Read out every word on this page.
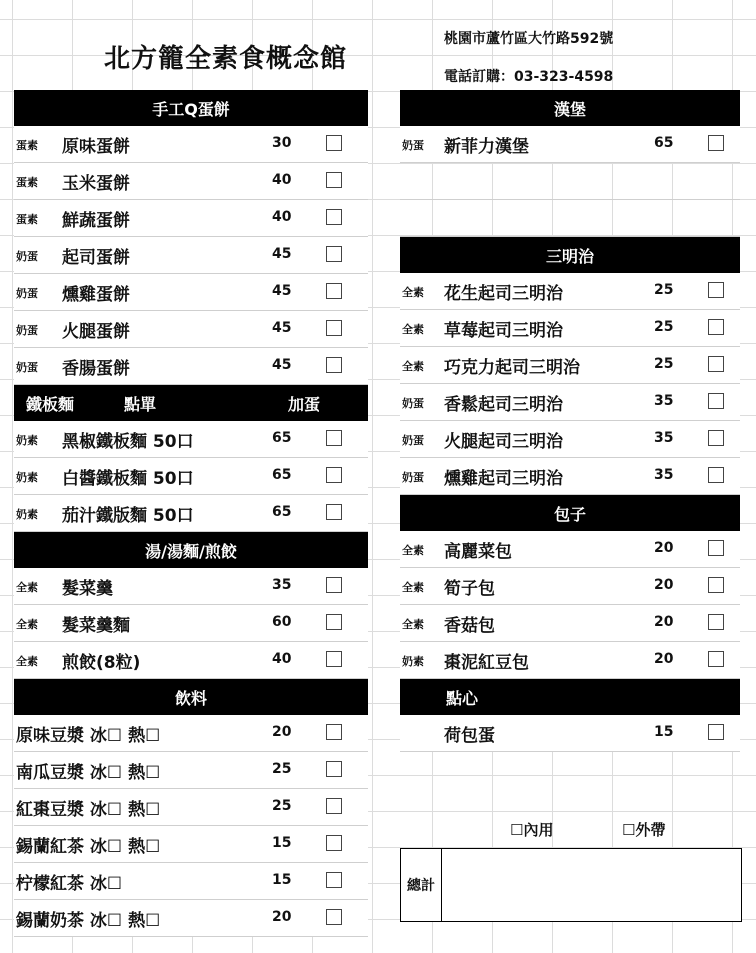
北方籠全素食概念館
桃園市蘆竹區大竹路592號
電話訂購：03-323-4598
手工Q蛋餅
蛋素 原味蛋餅	30
蛋素 玉米蛋餅	40
蛋素 鮮蔬蛋餅	40
奶蛋 起司蛋餅	45
奶蛋 燻雞蛋餅	45
奶蛋 火腿蛋餅	45
奶蛋 香腸蛋餅	45
鐵板麵	點單	加蛋
奶素 黑椒鐵板麵 50口	65
奶素 白醬鐵板麵 50口	65
奶素 茄汁鐵版麵 50口	65
湯/湯麵/煎餃
全素 髮菜羹	35
全素 髮菜羹麵	60
全素 煎餃(8粒)	40
飲料
原味豆漿 冰☐ 熱☐	20
南瓜豆漿 冰☐ 熱☐	25
紅棗豆漿 冰☐ 熱☐	25
錫蘭紅茶 冰☐ 熱☐	15
柠檬紅茶 冰☐	15
錫蘭奶茶 冰☐ 熱☐	20
漢堡
奶蛋 新菲力漢堡	65
三明治
全素 花生起司三明治	25
全素 草莓起司三明治	25
全素 巧克力起司三明治	25
奶蛋 香鬆起司三明治	35
奶蛋 火腿起司三明治	35
奶蛋 燻雞起司三明治	35
包子
全素 高麗菜包	20
全素 筍子包	20
全素 香菇包	20
奶素 棗泥紅豆包	20
點心
荷包蛋	15
☐內用	☐外帶
總計
